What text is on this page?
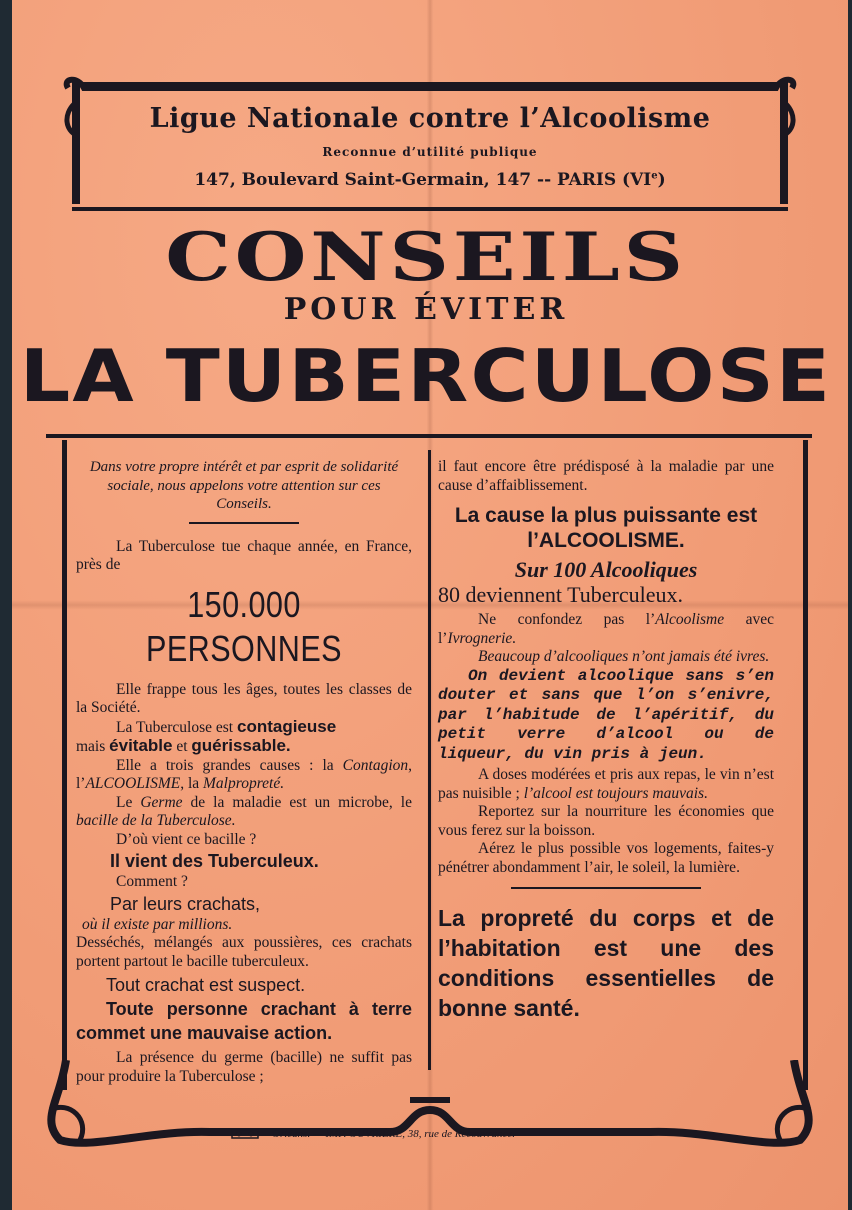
Ligue Nationale contre l’Alcoolisme
Reconnue d’utilité publique
147, Boulevard Saint-Germain, 147 -- PARIS (VIe)
CONSEILS
POUR ÉVITER
LA TUBERCULOSE

Dans votre propre intérêt et par esprit de solidarité sociale, nous appelons votre attention sur ces Conseils.

La Tuberculose tue chaque année, en France, près de

150.000 PERSONNES

Elle frappe tous les âges, toutes les classes de la Société.

La Tuberculose est contagieuse
mais évitable et guérissable.

Elle a trois grandes causes : la Contagion, l’ALCOOLISME, la Malpropreté.

Le Germe de la maladie est un microbe, le bacille de la Tuberculose.

D’où vient ce bacille ?

Il vient des Tuberculeux.

Comment ?

Par leurs crachats,

où il existe par millions.

Desséchés, mélangés aux poussières, ces crachats portent partout le bacille tuberculeux.

Tout crachat est suspect.

Toute personne crachant à terre commet une mauvaise action.

La présence du germe (bacille) ne suffit pas pour produire la Tuberculose ;

il faut encore être prédisposé à la maladie par une cause d’affaiblissement.

La cause la plus puissante est l’ALCOOLISME.

Sur 100 Alcooliques

80 deviennent Tuberculeux.

Ne confondez pas l’Alcoolisme avec l’Ivrognerie.

Beaucoup d’alcooliques n’ont jamais été ivres.

On devient alcoolique sans s’en douter et sans que l’on s’enivre, par l’habitude de l’apéritif, du petit verre d’alcool ou de liqueur, du vin pris à jeun.

A doses modérées et pris aux repas, le vin n’est pas nuisible ; l’alcool est toujours mauvais.

Reportez sur la nourriture les économies que vous ferez sur la boisson.

Aérez le plus possible vos logements, faites-y pénétrer abondamment l’air, le soleil, la lumière.

La propreté du corps et de l’habitation est une des conditions essentielles de bonne santé.

Orléans. — IMP. OUVRIÈRE, 38, rue de Recouvrance.
